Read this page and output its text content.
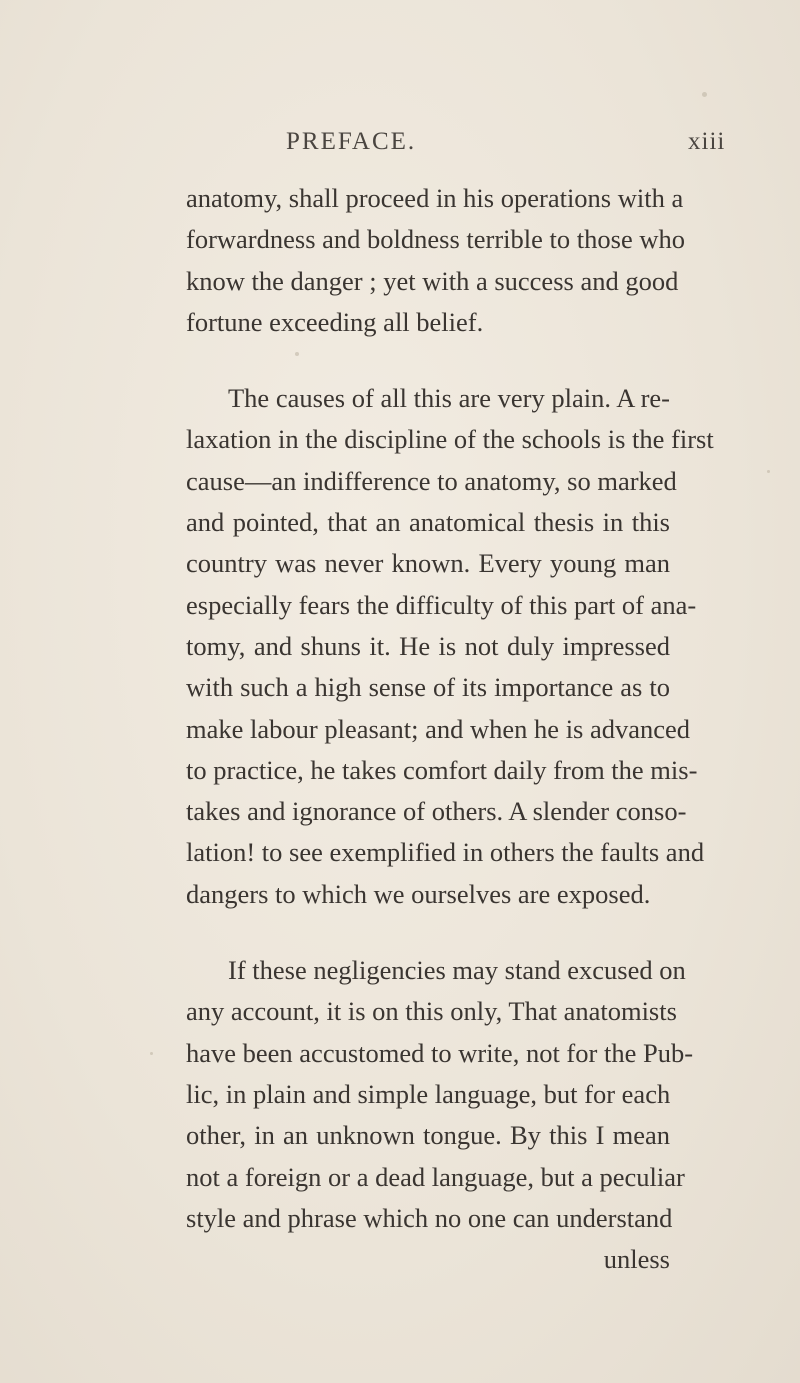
PREFACE.	xiii
anatomy, shall proceed in his operations with a
forwardness and boldness terrible to those who
know the danger ; yet with a success and good
fortune exceeding all belief.
The causes of all this are very plain. A re-
laxation in the discipline of the schools is the first
cause—an indifference to anatomy, so marked
and pointed, that an anatomical thesis in this
country was never known. Every young man
especially fears the difficulty of this part of ana-
tomy, and shuns it. He is not duly impressed
with such a high sense of its importance as to
make labour pleasant; and when he is advanced
to practice, he takes comfort daily from the mis-
takes and ignorance of others. A slender conso-
lation! to see exemplified in others the faults and
dangers to which we ourselves are exposed.
If these negligencies may stand excused on
any account, it is on this only, That anatomists
have been accustomed to write, not for the Pub-
lic, in plain and simple language, but for each
other, in an unknown tongue. By this I mean
not a foreign or a dead language, but a peculiar
style and phrase which no one can understand
unless
